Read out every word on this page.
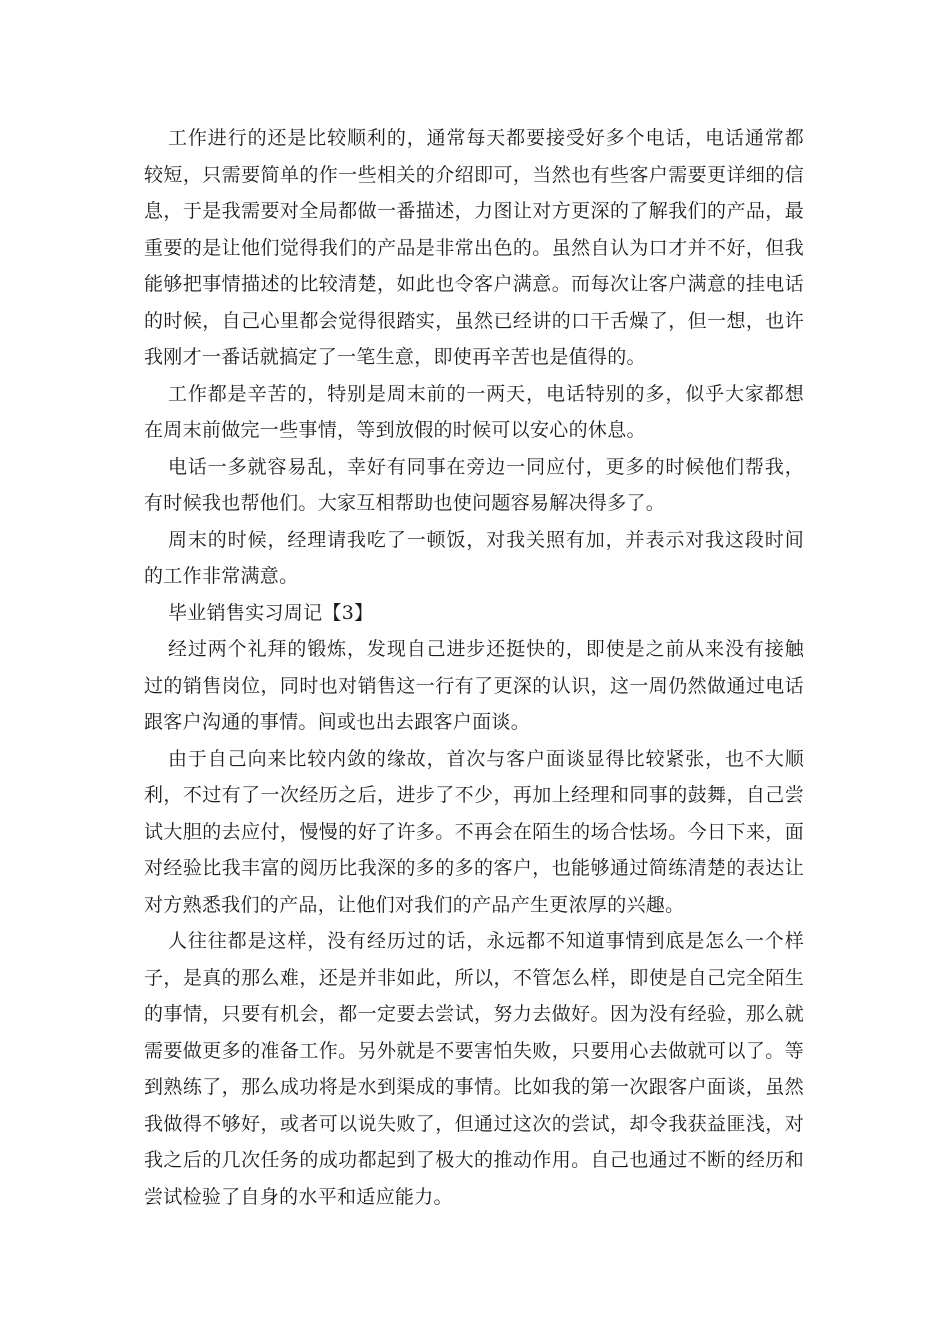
工作进行的还是比较顺利的，通常每天都要接受好多个电话，电话通常都较短，只需要简单的作一些相关的介绍即可，当然也有些客户需要更详细的信息，于是我需要对全局都做一番描述，力图让对方更深的了解我们的产品，最重要的是让他们觉得我们的产品是非常出色的。虽然自认为口才并不好，但我能够把事情描述的比较清楚，如此也令客户满意。而每次让客户满意的挂电话的时候，自己心里都会觉得很踏实，虽然已经讲的口干舌燥了，但一想，也许我刚才一番话就搞定了一笔生意，即使再辛苦也是值得的。

工作都是辛苦的，特别是周末前的一两天，电话特别的多，似乎大家都想在周末前做完一些事情，等到放假的时候可以安心的休息。

电话一多就容易乱，幸好有同事在旁边一同应付，更多的时候他们帮我，有时候我也帮他们。大家互相帮助也使问题容易解决得多了。

周末的时候，经理请我吃了一顿饭，对我关照有加，并表示对我这段时间的工作非常满意。

毕业销售实习周记【3】

经过两个礼拜的锻炼，发现自己进步还挺快的，即使是之前从来没有接触过的销售岗位，同时也对销售这一行有了更深的认识，这一周仍然做通过电话跟客户沟通的事情。间或也出去跟客户面谈。

由于自己向来比较内敛的缘故，首次与客户面谈显得比较紧张，也不大顺利，不过有了一次经历之后，进步了不少，再加上经理和同事的鼓舞，自己尝试大胆的去应付，慢慢的好了许多。不再会在陌生的场合怯场。今日下来，面对经验比我丰富的阅历比我深的多的多的客户，也能够通过简练清楚的表达让对方熟悉我们的产品，让他们对我们的产品产生更浓厚的兴趣。

人往往都是这样，没有经历过的话，永远都不知道事情到底是怎么一个样子，是真的那么难，还是并非如此，所以，不管怎么样，即使是自己完全陌生的事情，只要有机会，都一定要去尝试，努力去做好。因为没有经验，那么就需要做更多的准备工作。另外就是不要害怕失败，只要用心去做就可以了。等到熟练了，那么成功将是水到渠成的事情。比如我的第一次跟客户面谈，虽然我做得不够好，或者可以说失败了，但通过这次的尝试，却令我获益匪浅，对我之后的几次任务的成功都起到了极大的推动作用。自己也通过不断的经历和尝试检验了自身的水平和适应能力。
